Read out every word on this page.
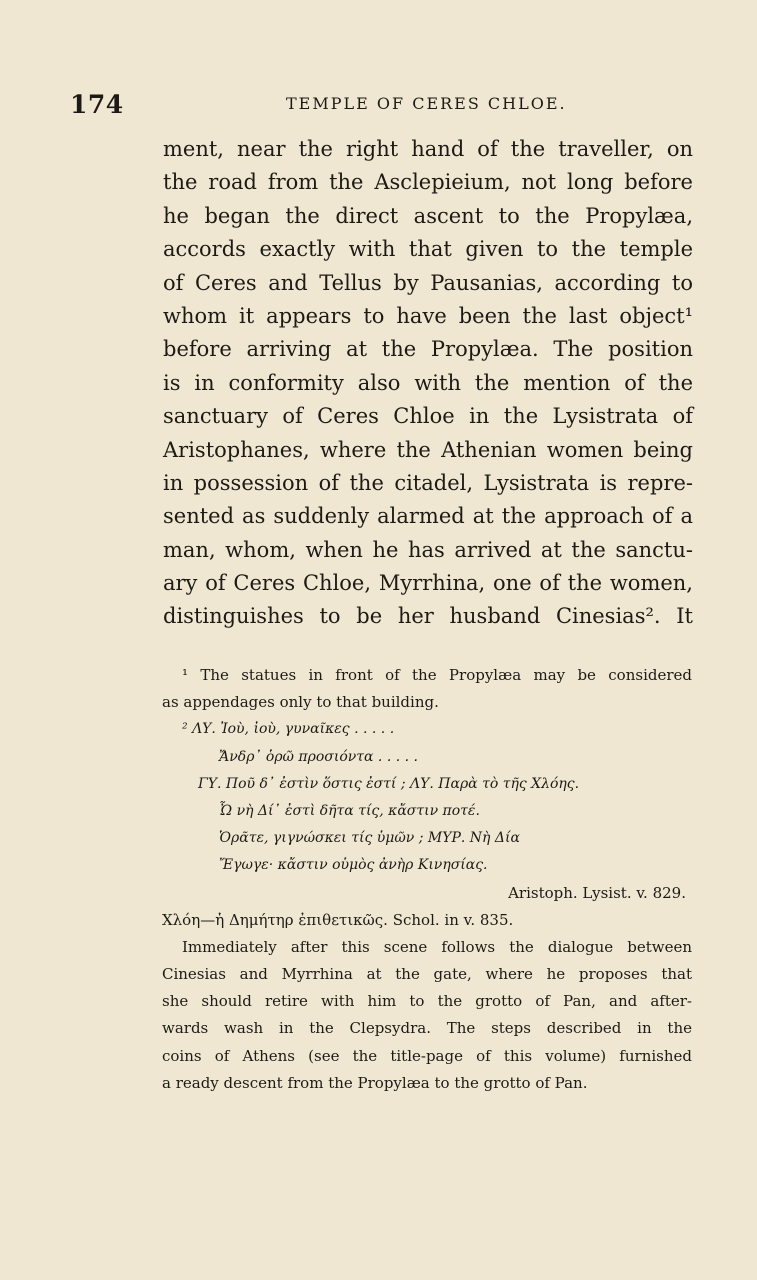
174	TEMPLE OF CERES CHLOE.
ment, near the right hand of the traveller, on
the road from the Asclepieium, not long before
he began the direct ascent to the Propylæa,
accords exactly with that given to the temple
of Ceres and Tellus by Pausanias, according to
whom it appears to have been the last object¹
before arriving at the Propylæa. The position
is in conformity also with the mention of the
sanctuary of Ceres Chloe in the Lysistrata of
Aristophanes, where the Athenian women being
in possession of the citadel, Lysistrata is repre-
sented as suddenly alarmed at the approach of a
man, whom, when he has arrived at the sanctu-
ary of Ceres Chloe, Myrrhina, one of the women,
distinguishes to be her husband Cinesias². It
¹ The statues in front of the Propylæa may be considered
as appendages only to that building.
² ΛΥ. Ἰοὺ, ἰοὺ, γυναῖκες . . . . .
Ἄνδρ᾽ ὁρῶ προσιόντα . . . . .
ΓΥ. Ποῦ δ᾽ ἐστὶν ὅστις ἐστί ; ΛΥ. Παρὰ τὸ τῆς Χλόης.
Ὦ νὴ Δί᾽ ἐστὶ δῆτα τίς, κἄστιν ποτέ.
Ὁρᾶτε, γιγνώσκει τίς ὑμῶν ; ΜΥΡ. Νὴ Δία
Ἔγωγε· κἄστιν οὑμὸς ἀνὴρ Κινησίας.
Aristoph. Lysist. v. 829.
Χλόη—ἡ Δημήτηρ ἐπιθετικῶς. Schol. in v. 835.
Immediately after this scene follows the dialogue between
Cinesias and Myrrhina at the gate, where he proposes that
she should retire with him to the grotto of Pan, and after-
wards wash in the Clepsydra. The steps described in the
coins of Athens (see the title-page of this volume) furnished
a ready descent from the Propylæa to the grotto of Pan.
